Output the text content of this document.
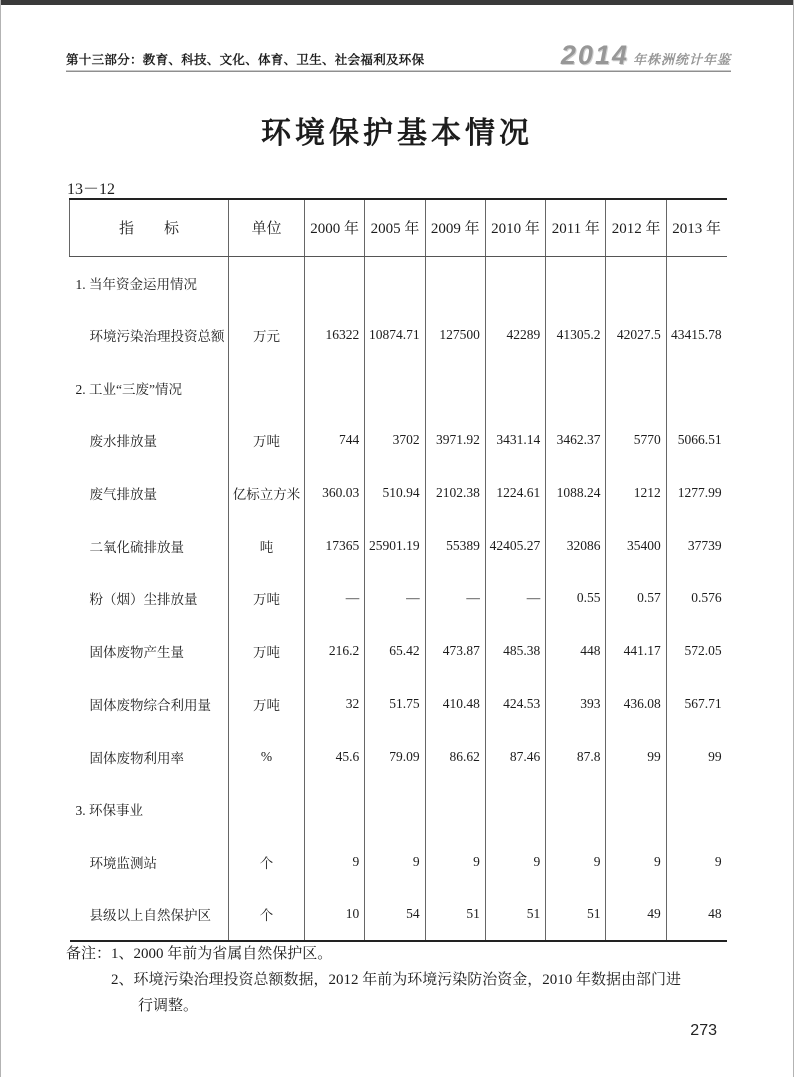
第十三部分：教育、科技、文化、体育、卫生、社会福利及环保	2014 年株洲统计年鉴
环境保护基本情况
13－12
指　　标	单位	2000 年	2005 年	2009 年	2010 年	2011 年	2012 年	2013 年
1. 当年资金运用情况								
环境污染治理投资总额	万元	16322	10874.71	127500	42289	41305.2	42027.5	43415.78
2. 工业“三废”情况								
废水排放量	万吨	744	3702	3971.92	3431.14	3462.37	5770	5066.51
废气排放量	亿标立方米	360.03	510.94	2102.38	1224.61	1088.24	1212	1277.99
二氧化硫排放量	吨	17365	25901.19	55389	42405.27	32086	35400	37739
粉（烟）尘排放量	万吨	—	—	—	—	0.55	0.57	0.576
固体废物产生量	万吨	216.2	65.42	473.87	485.38	448	441.17	572.05
固体废物综合利用量	万吨	32	51.75	410.48	424.53	393	436.08	567.71
固体废物利用率	%	45.6	79.09	86.62	87.46	87.8	99	99
3. 环保事业								
环境监测站	个	9	9	9	9	9	9	9
县级以上自然保护区	个	10	54	51	51	51	49	48
备注： 1、2000 年前为省属自然保护区。
2、环境污染治理投资总额数据，2012 年前为环境污染防治资金，2010 年数据由部门进
行调整。
273
